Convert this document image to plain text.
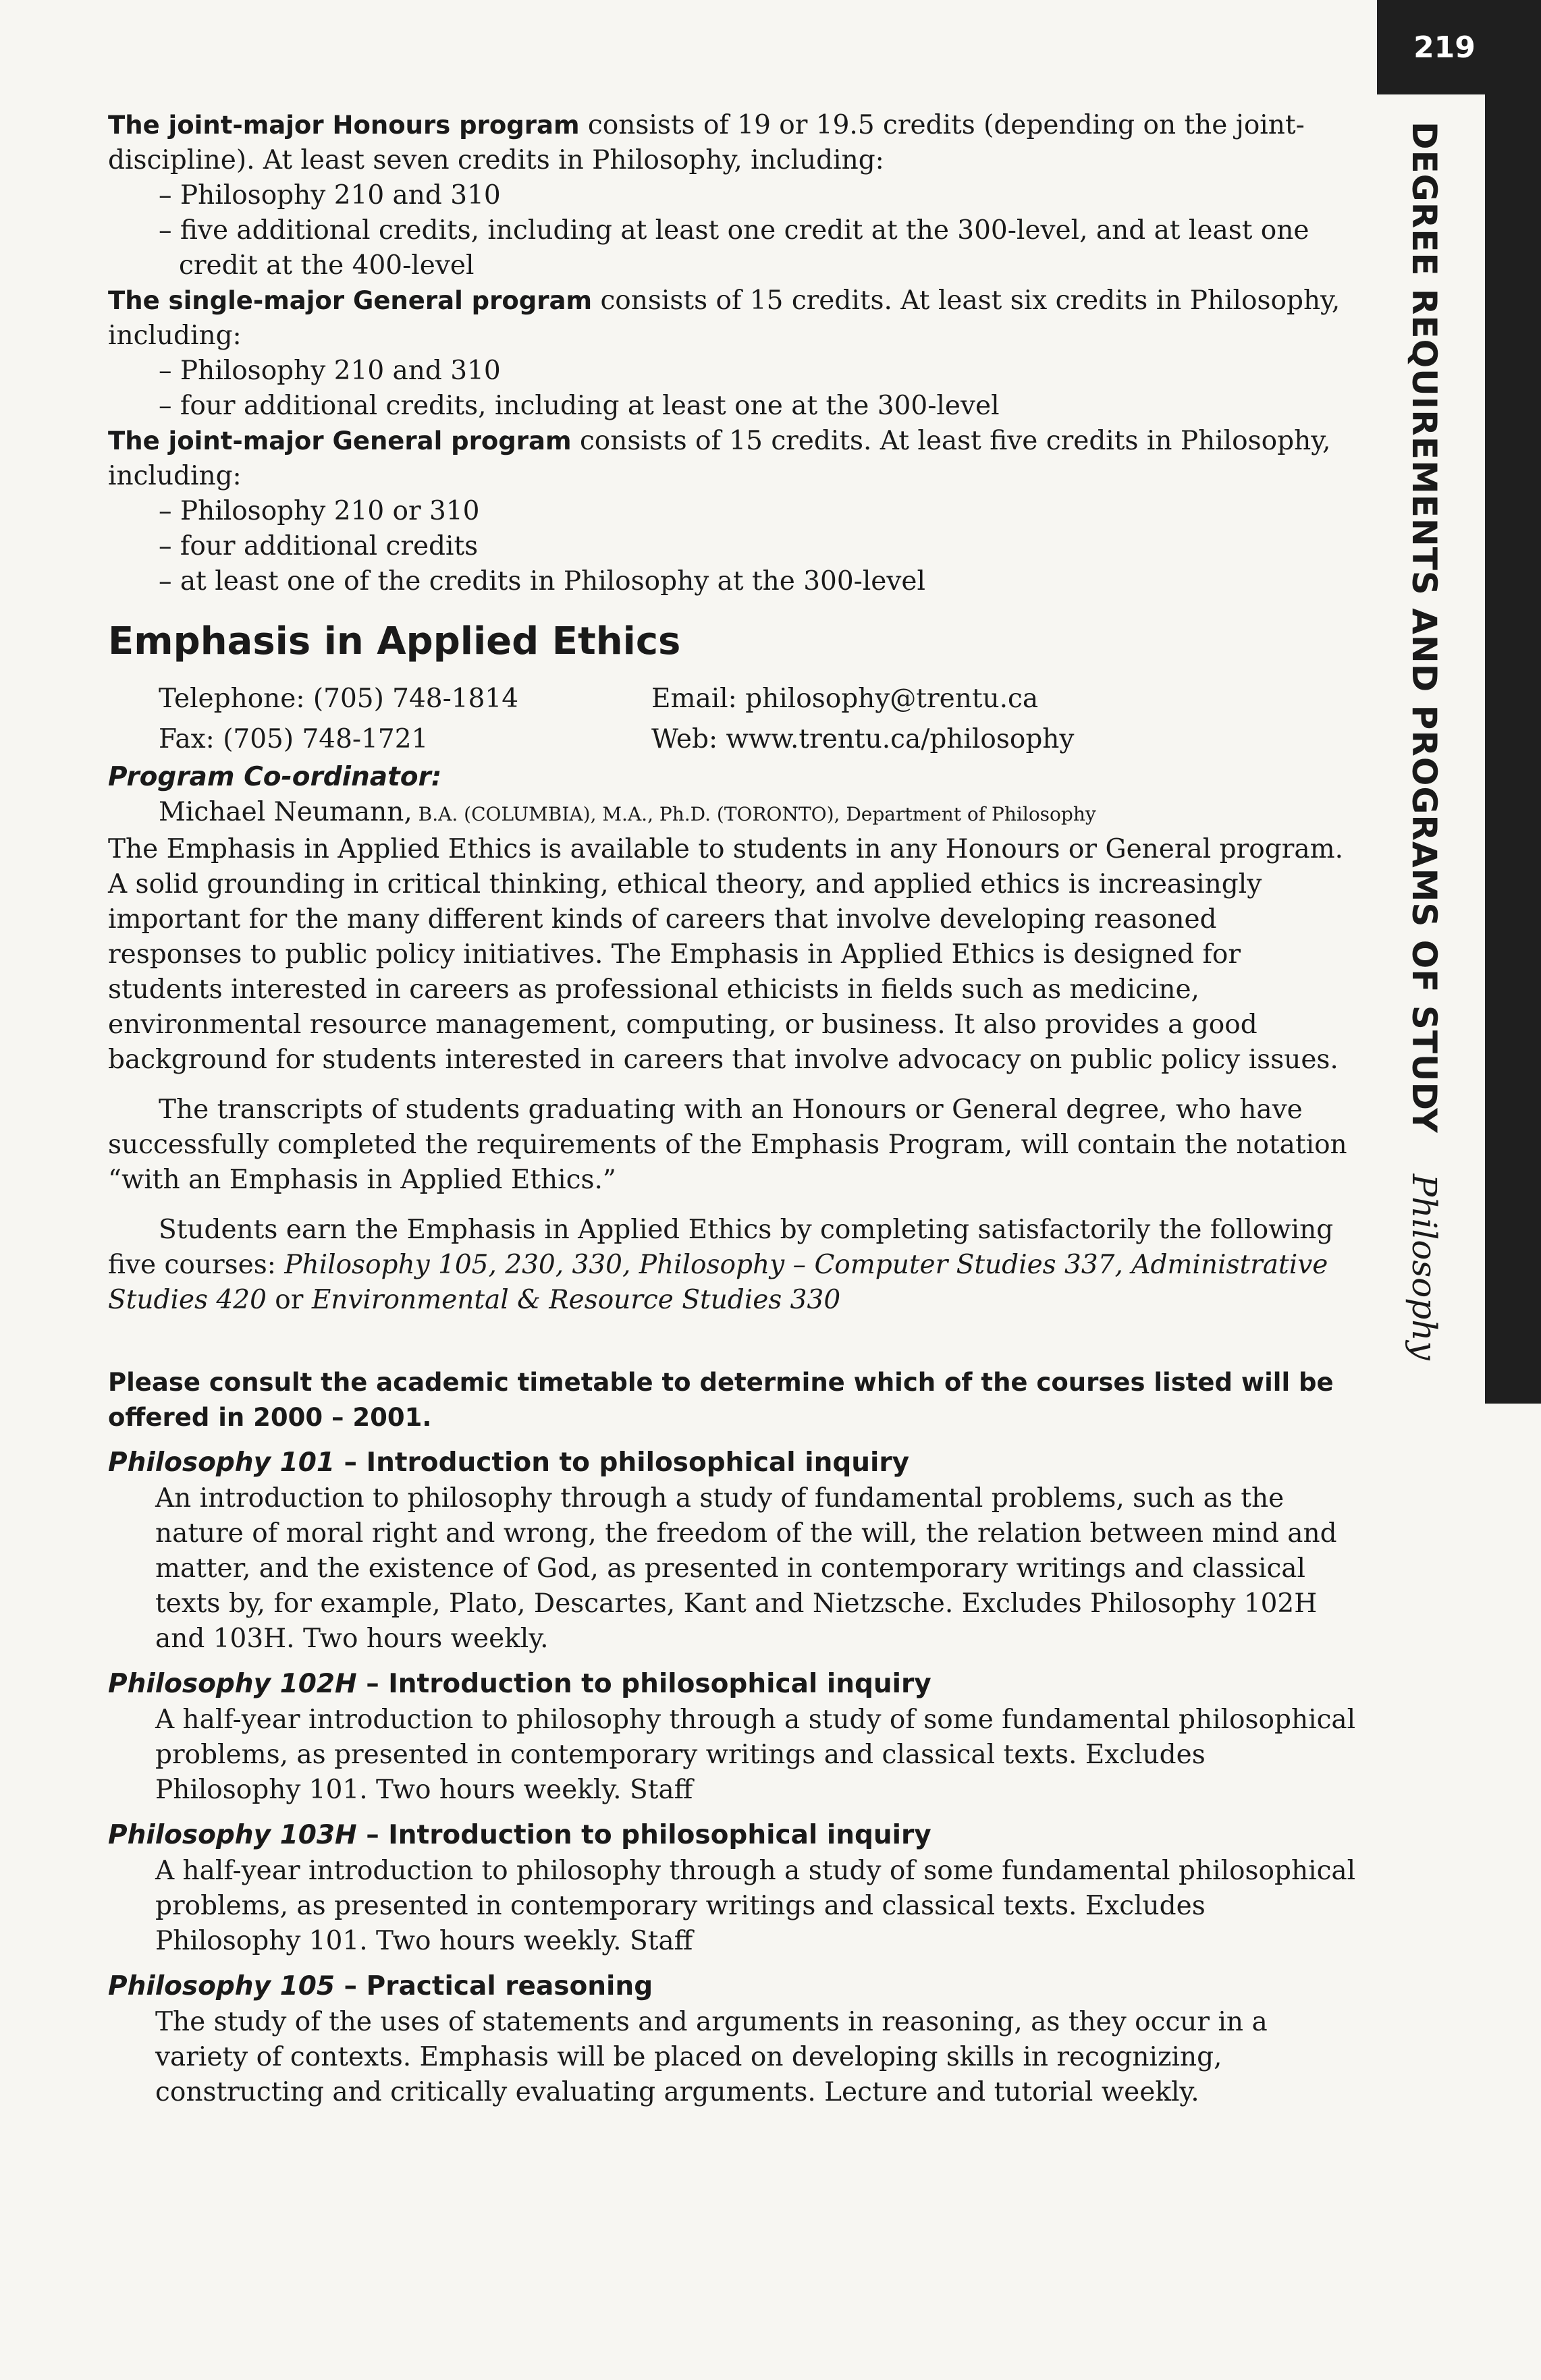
219
DEGREE REQUIREMENTS AND PROGRAMS OF STUDY
Philosophy

The joint-major Honours program consists of 19 or 19.5 credits (depending on the joint-discipline). At least seven credits in Philosophy, including:

– Philosophy 210 and 310

– five additional credits, including at least one credit at the 300-level, and at least one credit at the 400-level

The single-major General program consists of 15 credits. At least six credits in Philosophy, including:

– Philosophy 210 and 310

– four additional credits, including at least one at the 300-level

The joint-major General program consists of 15 credits. At least five credits in Philosophy, including:

– Philosophy 210 or 310

– four additional credits

– at least one of the credits in Philosophy at the 300-level

Emphasis in Applied Ethics
Telephone: (705) 748-1814	Email: philosophy@trentu.ca
Fax: (705) 748-1721	Web: www.trentu.ca/philosophy
Program Co-ordinator:
Michael Neumann, B.A. (COLUMBIA), M.A., Ph.D. (TORONTO), Department of Philosophy

The Emphasis in Applied Ethics is available to students in any Honours or General program. A solid grounding in critical thinking, ethical theory, and applied ethics is increasingly important for the many different kinds of careers that involve developing reasoned responses to public policy initiatives. The Emphasis in Applied Ethics is designed for students interested in careers as professional ethicists in fields such as medicine, environmental resource management, computing, or business. It also provides a good background for students interested in careers that involve advocacy on public policy issues.

The transcripts of students graduating with an Honours or General degree, who have successfully completed the requirements of the Emphasis Program, will contain the notation “with an Emphasis in Applied Ethics.”

Students earn the Emphasis in Applied Ethics by completing satisfactorily the following five courses: Philosophy 105, 230, 330, Philosophy – Computer Studies 337, Administrative Studies 420 or Environmental & Resource Studies 330

Please consult the academic timetable to determine which of the courses listed will be offered in 2000 – 2001.
Philosophy 101 – Introduction to philosophical inquiry
An introduction to philosophy through a study of fundamental problems, such as the nature of moral right and wrong, the freedom of the will, the relation between mind and matter, and the existence of God, as presented in contemporary writings and classical texts by, for example, Plato, Descartes, Kant and Nietzsche. Excludes Philosophy 102H and 103H. Two hours weekly.
Philosophy 102H – Introduction to philosophical inquiry
A half-year introduction to philosophy through a study of some fundamental philosophical problems, as presented in contemporary writings and classical texts. Excludes Philosophy 101. Two hours weekly. Staff
Philosophy 103H – Introduction to philosophical inquiry
A half-year introduction to philosophy through a study of some fundamental philosophical problems, as presented in contemporary writings and classical texts. Excludes Philosophy 101. Two hours weekly. Staff
Philosophy 105 – Practical reasoning
The study of the uses of statements and arguments in reasoning, as they occur in a variety of contexts. Emphasis will be placed on developing skills in recognizing, constructing and critically evaluating arguments. Lecture and tutorial weekly.
